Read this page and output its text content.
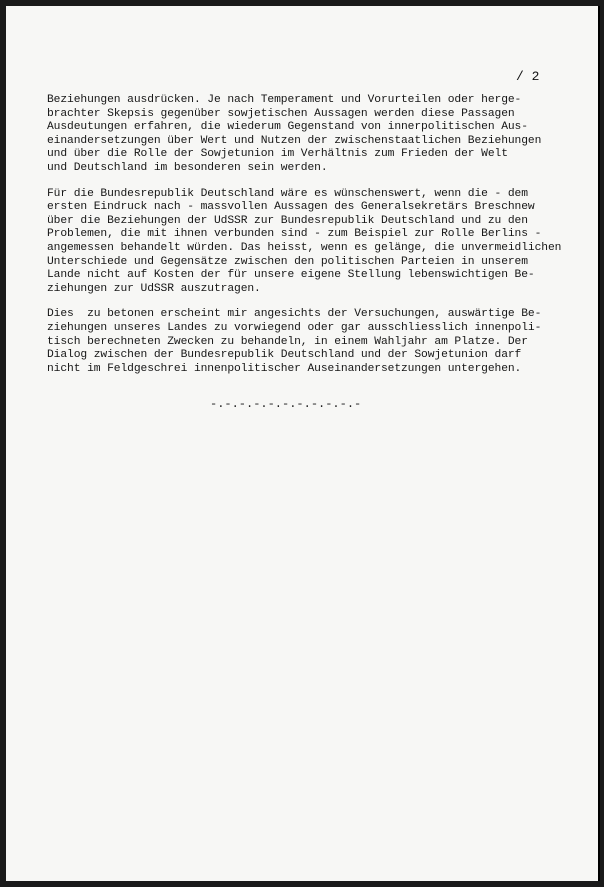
/ 2
Beziehungen ausdrücken. Je nach Temperament und Vorurteilen oder herge-
brachter Skepsis gegenüber sowjetischen Aussagen werden diese Passagen
Ausdeutungen erfahren, die wiederum Gegenstand von innerpolitischen Aus-
einandersetzungen über Wert und Nutzen der zwischenstaatlichen Beziehungen
und über die Rolle der Sowjetunion im Verhältnis zum Frieden der Welt
und Deutschland im besonderen sein werden.
Für die Bundesrepublik Deutschland wäre es wünschenswert, wenn die - dem
ersten Eindruck nach - massvollen Aussagen des Generalsekretärs Breschnew
über die Beziehungen der UdSSR zur Bundesrepublik Deutschland und zu den
Problemen, die mit ihnen verbunden sind - zum Beispiel zur Rolle Berlins -
angemessen behandelt würden. Das heisst, wenn es gelänge, die unvermeidlichen
Unterschiede und Gegensätze zwischen den politischen Parteien in unserem
Lande nicht auf Kosten der für unsere eigene Stellung lebenswichtigen Be-
ziehungen zur UdSSR auszutragen.
Dies  zu betonen erscheint mir angesichts der Versuchungen, auswärtige Be-
ziehungen unseres Landes zu vorwiegend oder gar ausschliesslich innenpoli-
tisch berechneten Zwecken zu behandeln, in einem Wahljahr am Platze. Der
Dialog zwischen der Bundesrepublik Deutschland und der Sowjetunion darf
nicht im Feldgeschrei innenpolitischer Auseinandersetzungen untergehen.
-.-.-.-.-.-.-.-.-.-.-
